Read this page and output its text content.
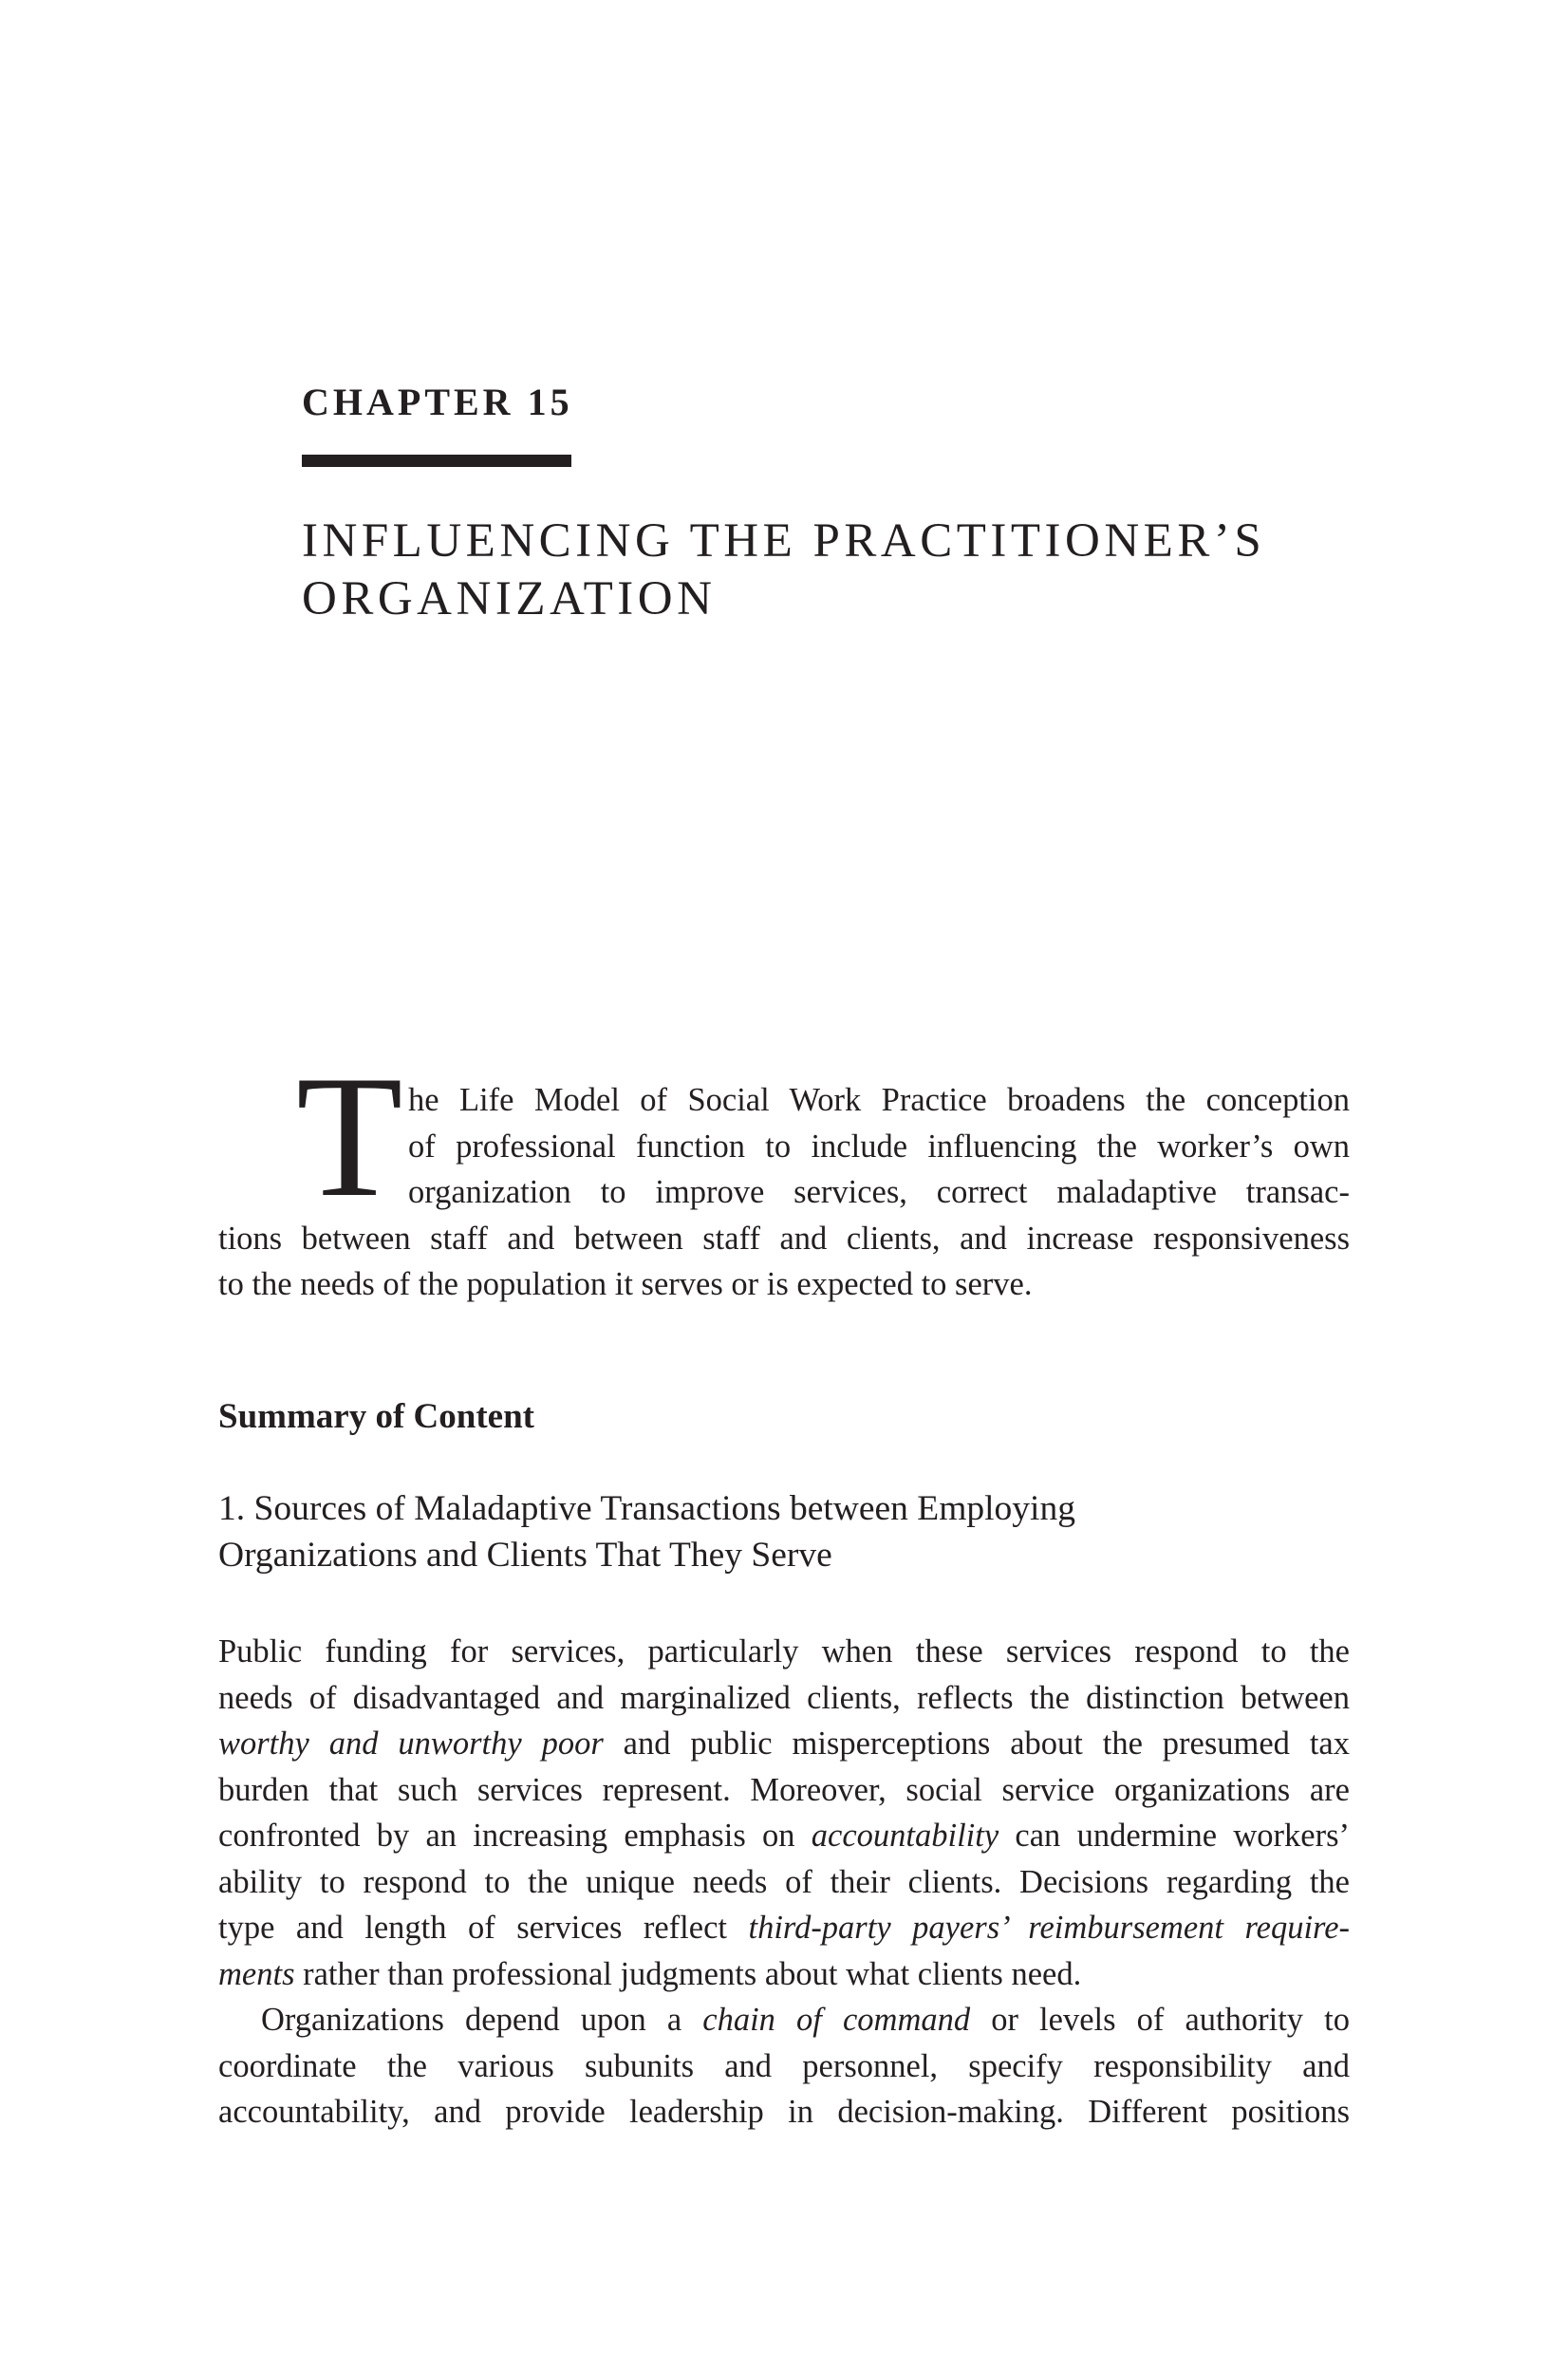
CHAPTER 15
INFLUENCING THE PRACTITIONER’S
ORGANIZATION
T he Life Model of Social Work Practice broadens the conception
of professional function to include influencing the worker’s own
organization to improve services, correct maladaptive transac-
tions between staff and between staff and clients, and increase responsiveness
to the needs of the population it serves or is expected to serve.
Summary of Content
1. Sources of Maladaptive Transactions between Employing
Organizations and Clients That They Serve
Public funding for services, particularly when these services respond to the
needs of disadvantaged and marginalized clients, reflects the distinction between
worthy and unworthy poor and public misperceptions about the presumed tax
burden that such services represent. Moreover, social service organizations are
confronted by an increasing emphasis on accountability can undermine workers’
ability to respond to the unique needs of their clients. Decisions regarding the
type and length of services reflect third-party payers’ reimbursement require-
ments rather than professional judgments about what clients need.
Organizations depend upon a chain of command or levels of authority to
coordinate the various subunits and personnel, specify responsibility and
accountability, and provide leadership in decision-making. Different positions
